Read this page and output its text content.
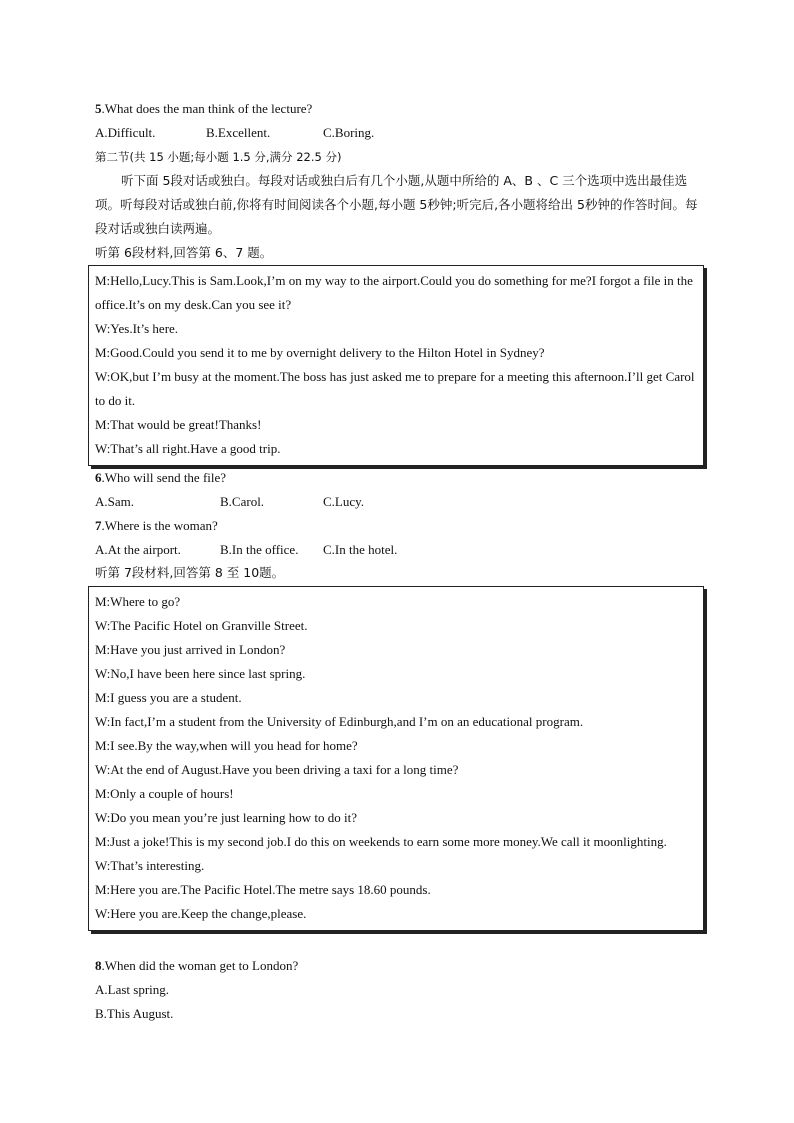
5.What does the man think of the lecture?
A.Difficult.	B.Excellent.	C.Boring.
第二节(共 15 小题;每小题 1.5 分,满分 22.5 分)
听下面 5段对话或独白。每段对话或独白后有几个小题,从题中所给的 A、B 、C 三个选项中选出最佳选项。听每段对话或独白前,你将有时间阅读各个小题,每小题 5秒钟;听完后,各小题将给出 5秒钟的作答时间。每段对话或独白读两遍。
听第 6段材料,回答第 6、7 题。
M:Hello,Lucy.This is Sam.Look,I’m on my way to the airport.Could you do something for me?I forgot a file in the office.It’s on my desk.Can you see it?
W:Yes.It’s here.
M:Good.Could you send it to me by overnight delivery to the Hilton Hotel in Sydney?
W:OK,but I’m busy at the moment.The boss has just asked me to prepare for a meeting this afternoon.I’ll get Carol to do it.
M:That would be great!Thanks!
W:That’s all right.Have a good trip.
6.Who will send the file?
A.Sam.	B.Carol.	C.Lucy.
7.Where is the woman?
A.At the airport.	B.In the office. C.In the hotel.
听第 7段材料,回答第 8 至 10题。
M:Where to go?
W:The Pacific Hotel on Granville Street.
M:Have you just arrived in London?
W:No,I have been here since last spring.
M:I guess you are a student.
W:In fact,I’m a student from the University of Edinburgh,and I’m on an educational program.
M:I see.By the way,when will you head for home?
W:At the end of August.Have you been driving a taxi for a long time?
M:Only a couple of hours!
W:Do you mean you’re just learning how to do it?
M:Just a joke!This is my second job.I do this on weekends to earn some more money.We call it moonlighting.
W:That’s interesting.
M:Here you are.The Pacific Hotel.The metre says 18.60 pounds.
W:Here you are.Keep the change,please.
8.When did the woman get to London?
A.Last spring.
B.This August.
